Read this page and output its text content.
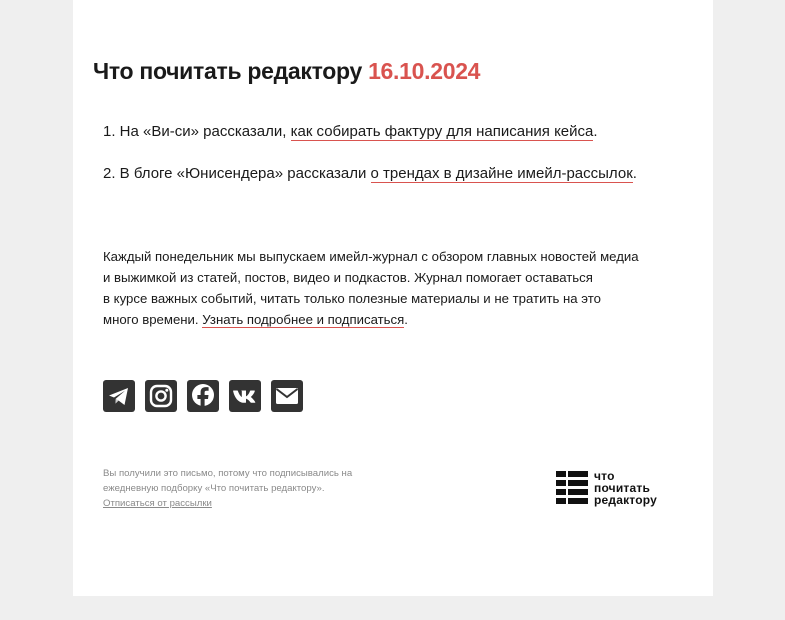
Что почитать редактору 16.10.2024
1. На «Ви-си» рассказали, как собирать фактуру для написания кейса.
2. В блоге «Юнисендера» рассказали о трендах в дизайне имейл-рассылок.
Каждый понедельник мы выпускаем имейл-журнал с обзором главных новостей медиа
и выжимкой из статей, постов, видео и подкастов. Журнал помогает оставаться
в курсе важных событий, читать только полезные материалы и не тратить на это
много времени. Узнать подробнее и подписаться.
Вы получили это письмо, потому что подписывались на
ежедневную подборку «Что почитать редактору».
Отписаться от рассылки
что
почитать
редактору
